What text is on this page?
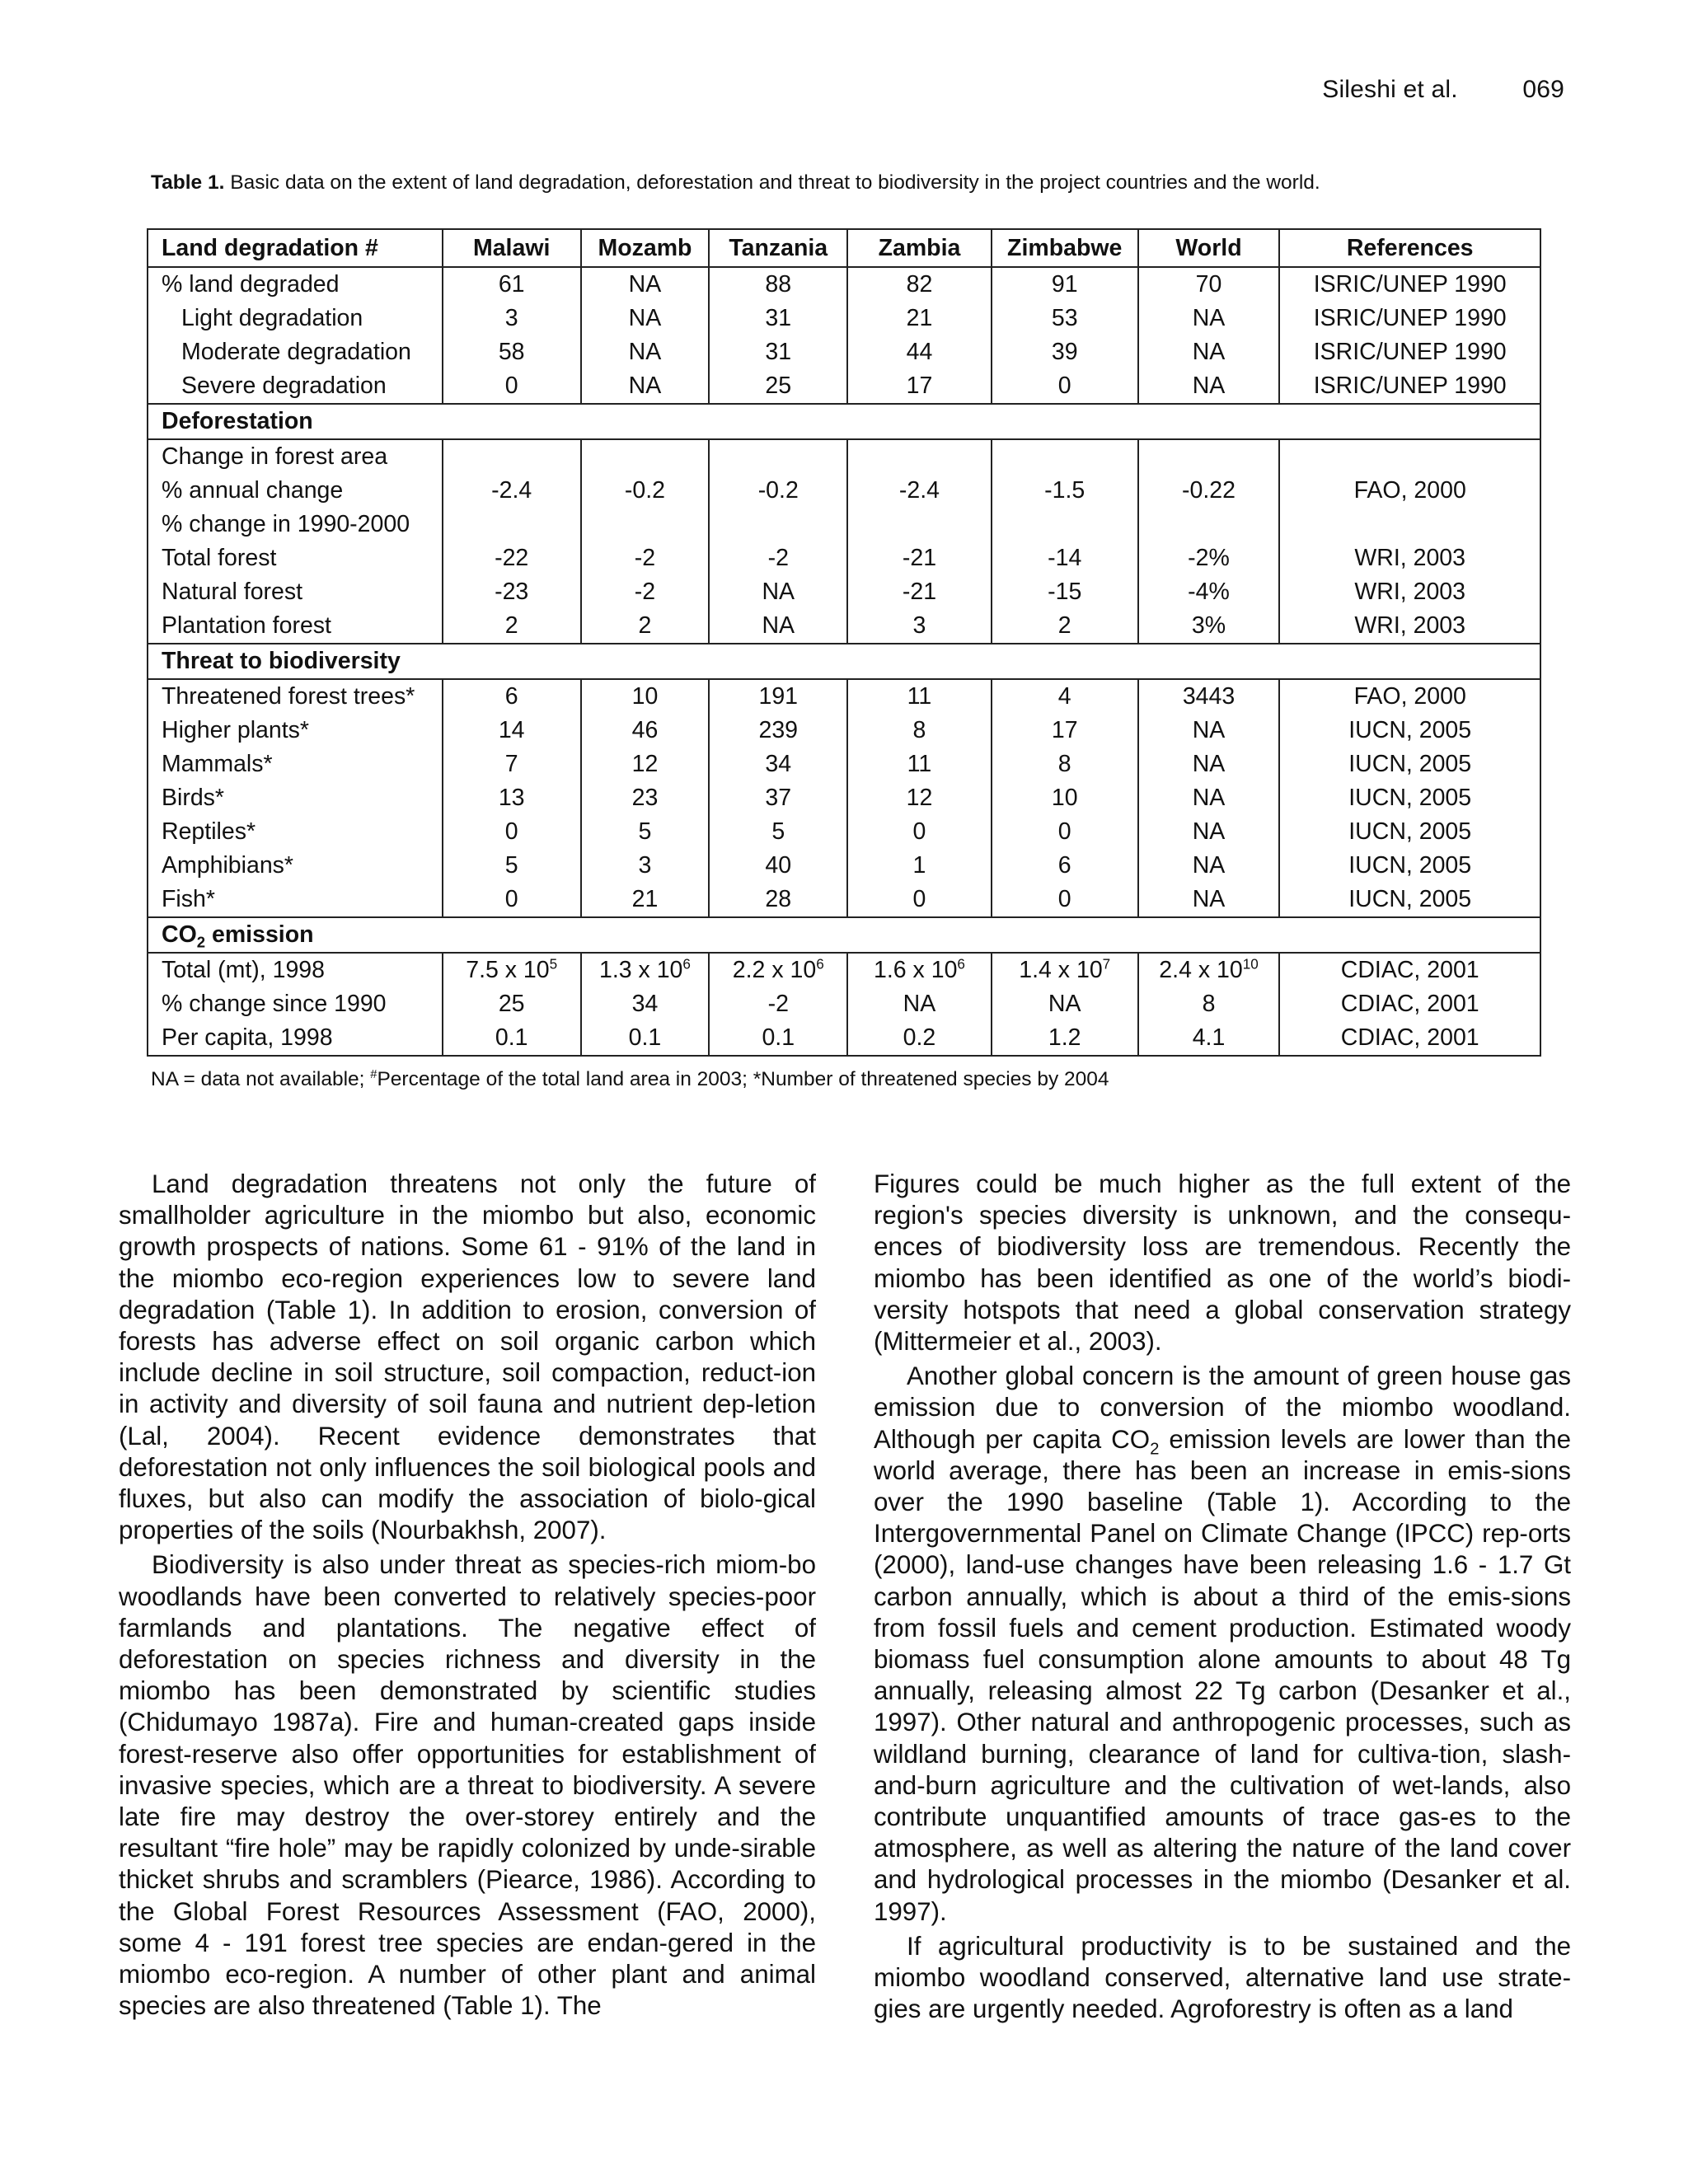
Sileshi et al.	069
Table 1. Basic data on the extent of land degradation, deforestation and threat to biodiversity in the project countries and the world.
Land degradation #	Malawi	Mozamb	Tanzania	Zambia	Zimbabwe	World	References
% land degraded	61	NA	88	82	91	70	ISRIC/UNEP 1990
Light degradation	3	NA	31	21	53	NA	ISRIC/UNEP 1990
Moderate degradation	58	NA	31	44	39	NA	ISRIC/UNEP 1990
Severe degradation	0	NA	25	17	0	NA	ISRIC/UNEP 1990
Deforestation							
Change in forest area							
% annual change	-2.4	-0.2	-0.2	-2.4	-1.5	-0.22	FAO, 2000
% change in 1990-2000							
Total forest	-22	-2	-2	-21	-14	-2%	WRI, 2003
Natural forest	-23	-2	NA	-21	-15	-4%	WRI, 2003
Plantation forest	2	2	NA	3	2	3%	WRI, 2003
Threat to biodiversity							
Threatened forest trees*	6	10	191	11	4	3443	FAO, 2000
Higher plants*	14	46	239	8	17	NA	IUCN, 2005
Mammals*	7	12	34	11	8	NA	IUCN, 2005
Birds*	13	23	37	12	10	NA	IUCN, 2005
Reptiles*	0	5	5	0	0	NA	IUCN, 2005
Amphibians*	5	3	40	1	6	NA	IUCN, 2005
Fish*	0	21	28	0	0	NA	IUCN, 2005
$CO_2$ emission							
Total (mt), 1998	7.5 x $10^5$	1.3 x $10^6$	2.2 x $10^6$	1.6 x $10^6$	1.4 x $10^7$	2.4 x $10^{10}$	CDIAC, 2001
% change since 1990	25	34	-2	NA	NA	8	CDIAC, 2001
Per capita, 1998	0.1	0.1	0.1	0.2	1.2	4.1	CDIAC, 2001
NA = data not available; #Percentage of the total land area in 2003; *Number of threatened species by 2004

Land degradation threatens not only the future of smallholder agriculture in the miombo but also, economic growth prospects of nations. Some 61 - 91% of the land in the miombo eco-region experiences low to severe land degradation (Table 1). In addition to erosion, conversion of forests has adverse effect on soil organic carbon which include decline in soil structure, soil compaction, reduct-ion in activity and diversity of soil fauna and nutrient dep-letion (Lal, 2004). Recent evidence demonstrates that deforestation not only influences the soil biological pools and fluxes, but also can modify the association of biolo-gical properties of the soils (Nourbakhsh, 2007).

Biodiversity is also under threat as species-rich miom-bo woodlands have been converted to relatively species-poor farmlands and plantations. The negative effect of deforestation on species richness and diversity in the miombo has been demonstrated by scientific studies (Chidumayo 1987a). Fire and human-created gaps inside forest-reserve also offer opportunities for establishment of invasive species, which are a threat to biodiversity. A severe late fire may destroy the over-storey entirely and the resultant “fire hole” may be rapidly colonized by unde-sirable thicket shrubs and scramblers (Piearce, 1986). According to the Global Forest Resources Assessment (FAO, 2000), some 4 - 191 forest tree species are endan-gered in the miombo eco-region. A number of other plant and animal species are also threatened (Table 1). The

Figures could be much higher as the full extent of the region's species diversity is unknown, and the consequ-ences of biodiversity loss are tremendous. Recently the miombo has been identified as one of the world’s biodi-versity hotspots that need a global conservation strategy (Mittermeier et al., 2003).

Another global concern is the amount of green house gas emission due to conversion of the miombo woodland. Although per capita $CO_2$ emission levels are lower than the world average, there has been an increase in emis-sions over the 1990 baseline (Table 1). According to the Intergovernmental Panel on Climate Change (IPCC) rep-orts (2000), land-use changes have been releasing 1.6 - 1.7 Gt carbon annually, which is about a third of the emis-sions from fossil fuels and cement production. Estimated woody biomass fuel consumption alone amounts to about 48 Tg annually, releasing almost 22 Tg carbon (Desanker et al., 1997). Other natural and anthropogenic processes, such as wildland burning, clearance of land for cultiva-tion, slash-and-burn agriculture and the cultivation of wet-lands, also contribute unquantified amounts of trace gas-es to the atmosphere, as well as altering the nature of the land cover and hydrological processes in the miombo (Desanker et al. 1997).

If agricultural productivity is to be sustained and the miombo woodland conserved, alternative land use strate-gies are urgently needed. Agroforestry is often as a land
